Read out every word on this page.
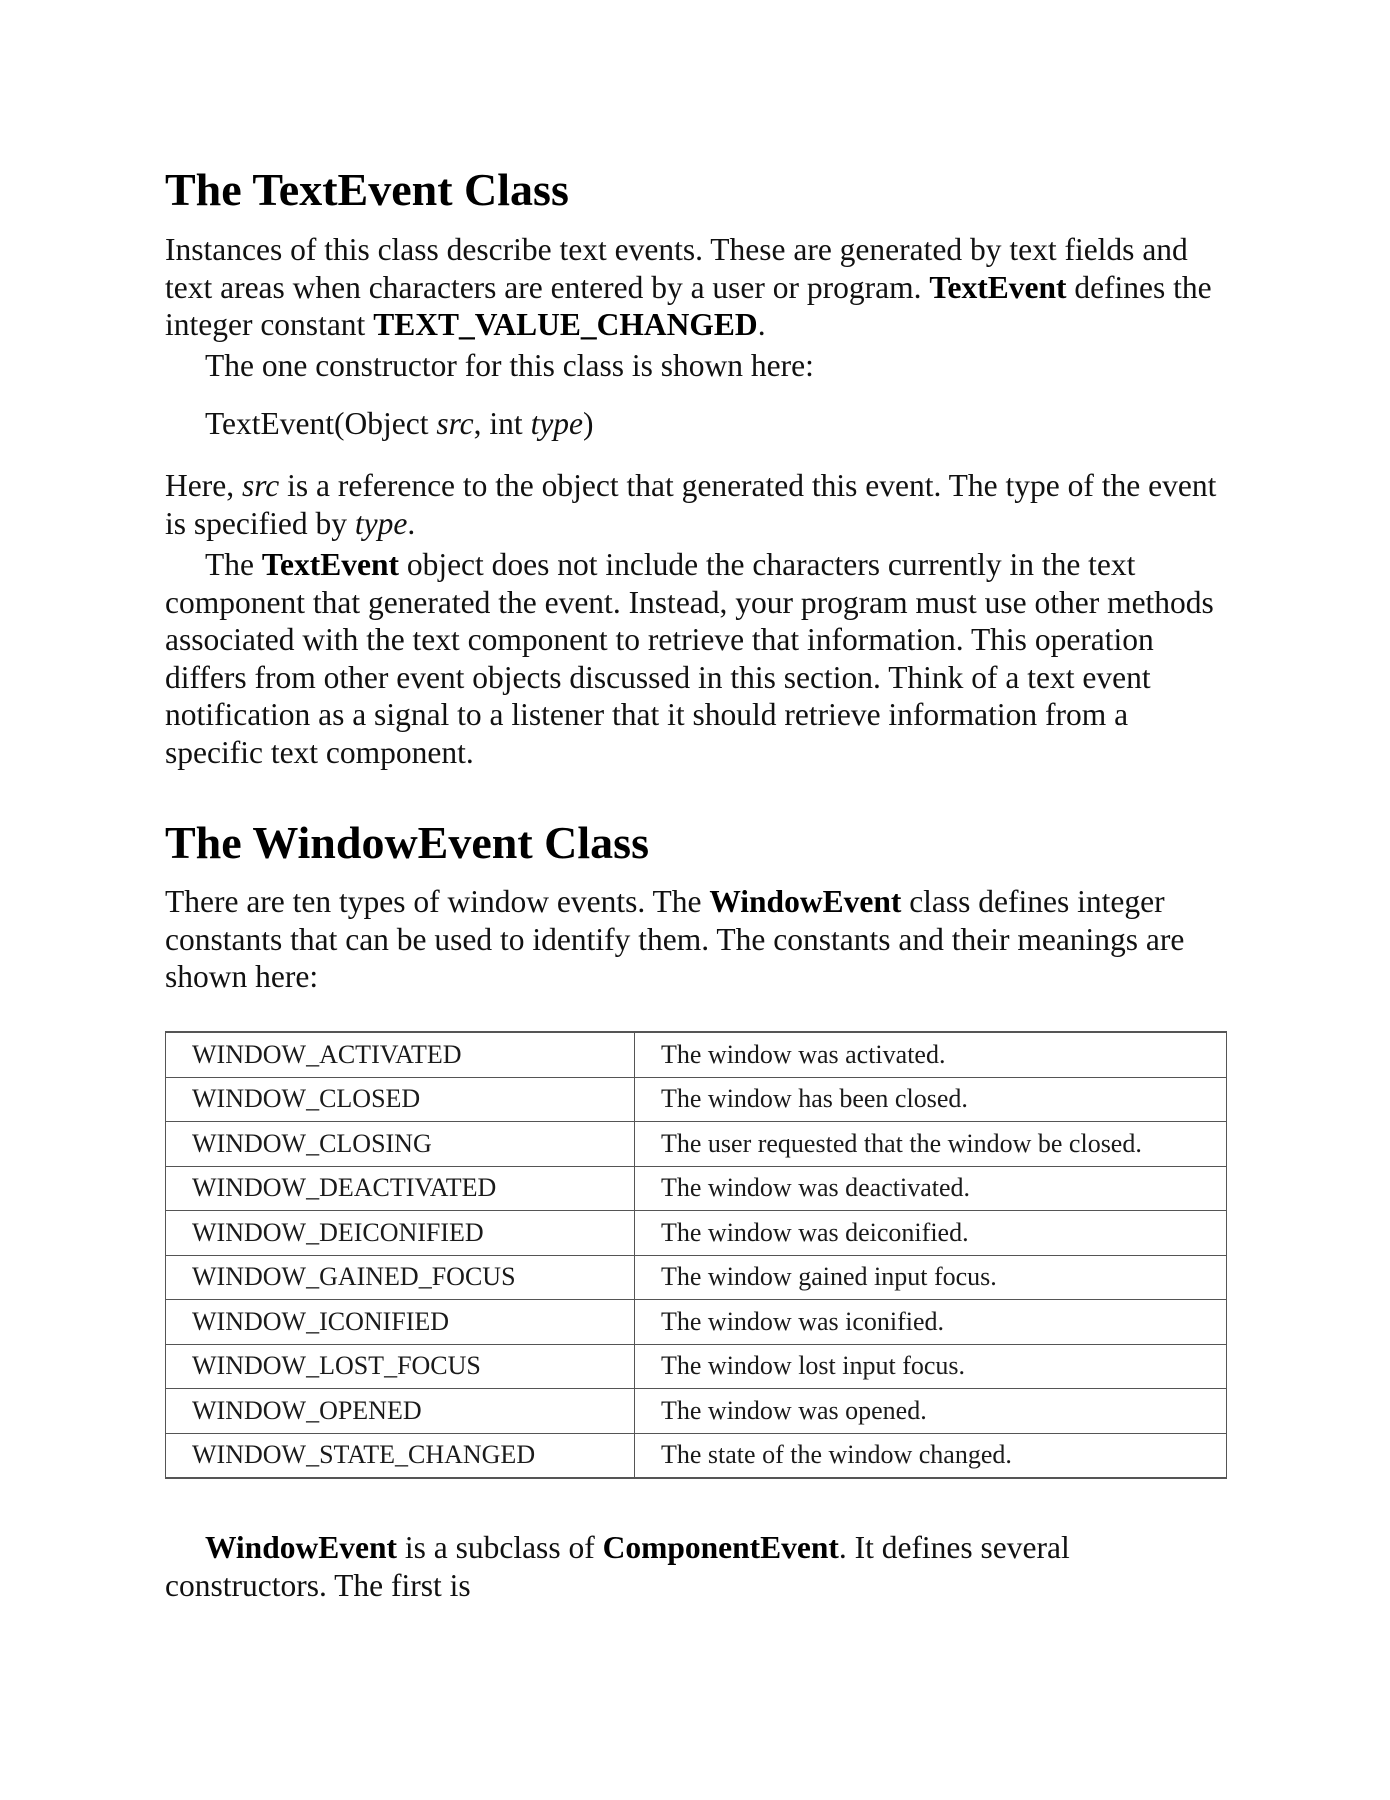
The TextEvent Class

Instances of this class describe text events. These are generated by text fields and text areas when characters are entered by a user or program. TextEvent defines the integer constant TEXT_VALUE_CHANGED.

The one constructor for this class is shown here:

TextEvent(Object src, int type)

Here, src is a reference to the object that generated this event. The type of the event is specified by type.

The TextEvent object does not include the characters currently in the text component that generated the event. Instead, your program must use other methods associated with the text component to retrieve that information. This operation differs from other event objects discussed in this section. Think of a text event notification as a signal to a listener that it should retrieve information from a specific text component.

The WindowEvent Class

There are ten types of window events. The WindowEvent class defines integer constants that can be used to identify them. The constants and their meanings are shown here:

WINDOW_ACTIVATED	The window was activated.
WINDOW_CLOSED	The window has been closed.
WINDOW_CLOSING	The user requested that the window be closed.
WINDOW_DEACTIVATED	The window was deactivated.
WINDOW_DEICONIFIED	The window was deiconified.
WINDOW_GAINED_FOCUS	The window gained input focus.
WINDOW_ICONIFIED	The window was iconified.
WINDOW_LOST_FOCUS	The window lost input focus.
WINDOW_OPENED	The window was opened.
WINDOW_STATE_CHANGED	The state of the window changed.

WindowEvent is a subclass of ComponentEvent. It defines several constructors. The first is
